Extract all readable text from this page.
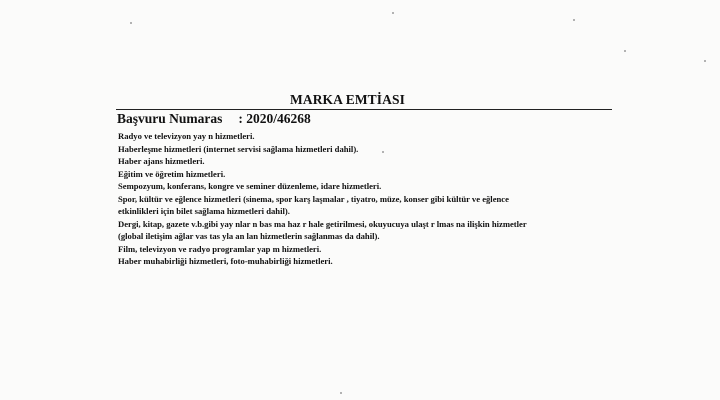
MARKA EMTİASI
Başvuru Numaras : 2020/46268
Radyo ve televizyon yay n hizmetleri.
Haberleşme hizmetleri (internet servisi sağlama hizmetleri dahil).
Haber ajans hizmetleri.
Eğitim ve öğretim hizmetleri.
Sempozyum, konferans, kongre ve seminer düzenleme, idare hizmetleri.
Spor, kültür ve eğlence hizmetleri (sinema, spor karş laşmalar , tiyatro, müze, konser gibi kültür ve eğlence
etkinlikleri için bilet sağlama hizmetleri dahil).
Dergi, kitap, gazete v.b.gibi yay nlar n bas ma haz r hale getirilmesi, okuyucuya ulaşt r lmas na ilişkin hizmetler
(global iletişim ağlar vas tas yla an lan hizmetlerin sağlanmas da dahil).
Film, televizyon ve radyo programlar yap m hizmetleri.
Haber muhabirliği hizmetleri, foto-muhabirliği hizmetleri.
